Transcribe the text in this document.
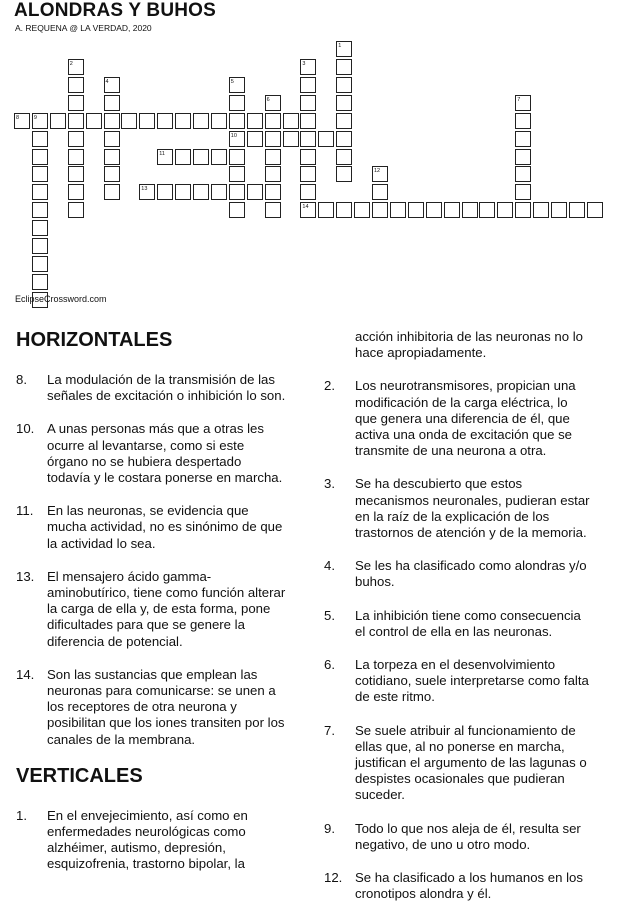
ALONDRAS Y BUHOS
A. REQUENA @ LA VERDAD, 2020
8
10
11
13
14
1
2	3
4	5
6	7
9
12
EclipseCrossword.com
HORIZONTALES
8.	La modulación de la transmisión de las señales de excitación o inhibición lo son.
10. A unas personas más que a otras les ocurre al levantarse, como si este órgano no se hubiera despertado todavía y le costara ponerse en marcha.
11.	En las neuronas, se evidencia que mucha actividad, no es sinónimo de que la actividad lo sea.
13. El mensajero ácido gamma-aminobutírico, tiene como función alterar la carga de ella y, de esta forma, pone dificultades para que se genere la diferencia de potencial.
14. Son las sustancias que emplean las neuronas para comunicarse: se unen a los receptores de otra neurona y posibilitan que los iones transiten por los canales de la membrana.
VERTICALES
1.	En el envejecimiento, así como en enfermedades neurológicas como alzhéimer, autismo, depresión, esquizofrenia, trastorno bipolar, la
acción inhibitoria de las neuronas no lo hace apropiadamente.
2.	Los neurotransmisores, propician una modificación de la carga eléctrica, lo que genera una diferencia de él, que activa una onda de excitación que se transmite de una neurona a otra.
3.	Se ha descubierto que estos mecanismos neuronales, pudieran estar en la raíz de la explicación de los trastornos de atención y de la memoria.
4.	Se les ha clasificado como alondras y/o buhos.
5.	La inhibición tiene como consecuencia el control de ella en las neuronas.
6.	La torpeza en el desenvolvimiento cotidiano, suele interpretarse como falta de este ritmo.
7.	Se suele atribuir al funcionamiento de ellas que, al no ponerse en marcha, justifican el argumento de las lagunas o despistes ocasionales que pudieran suceder.
9.	Todo lo que nos aleja de él, resulta ser negativo, de uno u otro modo.
12. Se ha clasificado a los humanos en los cronotipos alondra y él.
